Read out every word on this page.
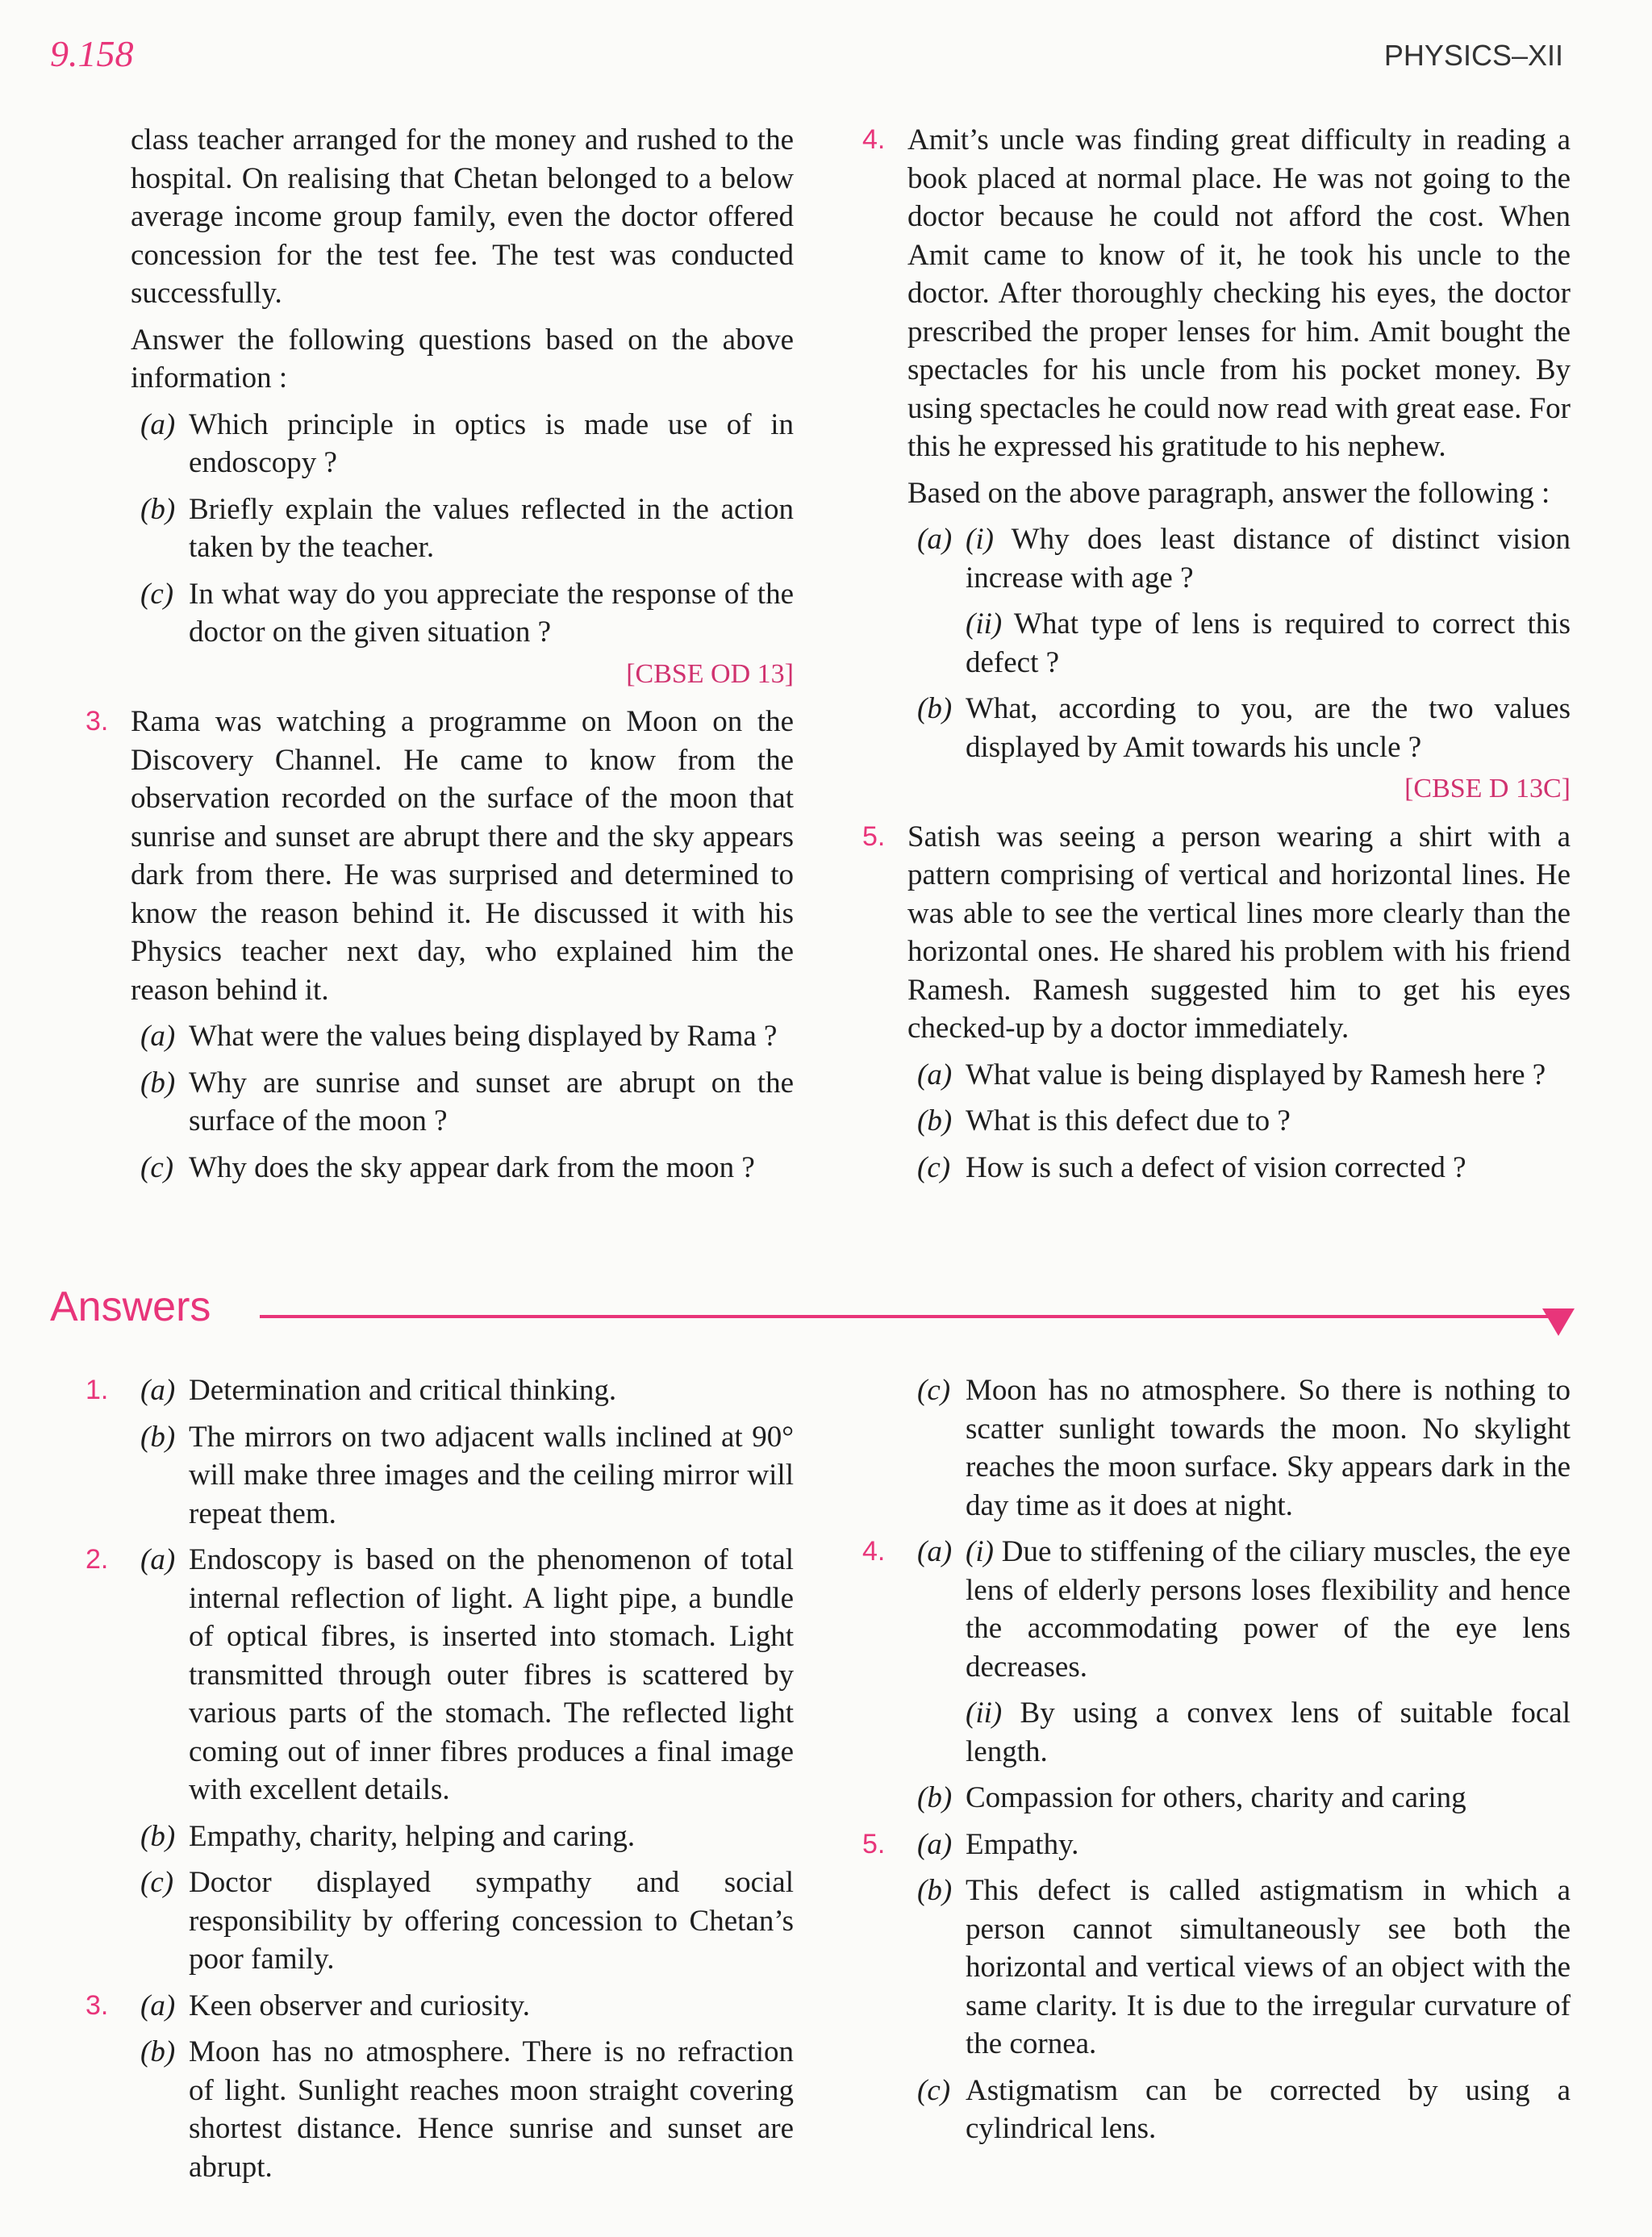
9.158	PHYSICS–XII

class teacher arranged for the money and rushed to the hospital. On realising that Chetan belonged to a below average income group family, even the doctor offered concession for the test fee. The test was conducted successfully.

Answer the following questions based on the above information :

(a) Which principle in optics is made use of in endoscopy ?
(b) Briefly explain the values reflected in the action taken by the teacher.
(c) In what way do you appreciate the response of the doctor on the given situation ?
[CBSE OD 13]
3. Rama was watching a programme on Moon on the Discovery Channel. He came to know from the observation recorded on the surface of the moon that sunrise and sunset are abrupt there and the sky appears dark from there. He was surprised and determined to know the reason behind it. He discussed it with his Physics teacher next day, who explained him the reason behind it.
(a) What were the values being displayed by Rama ?
(b) Why are sunrise and sunset are abrupt on the surface of the moon ?
(c) Why does the sky appear dark from the moon ?
4. Amit’s uncle was finding great difficulty in reading a book placed at normal place. He was not going to the doctor because he could not afford the cost. When Amit came to know of it, he took his uncle to the doctor. After thoroughly checking his eyes, the doctor prescribed the proper lenses for him. Amit bought the spectacles for his uncle from his pocket money. By using spectacles he could now read with great ease. For this he expressed his gratitude to his nephew.

Based on the above paragraph, answer the following :

(a) (i) Why does least distance of distinct vision increase with age ?
(ii) What type of lens is required to correct this defect ?
(b) What, according to you, are the two values displayed by Amit towards his uncle ?
[CBSE D 13C]
5. Satish was seeing a person wearing a shirt with a pattern comprising of vertical and horizontal lines. He was able to see the vertical lines more clearly than the horizontal ones. He shared his problem with his friend Ramesh. Ramesh suggested him to get his eyes checked-up by a doctor immediately.
(a) What value is being displayed by Ramesh here ?
(b) What is this defect due to ?
(c) How is such a defect of vision corrected ?
Answers
1. (a) Determination and critical thinking.
(b) The mirrors on two adjacent walls inclined at 90° will make three images and the ceiling mirror will repeat them.
2. (a) Endoscopy is based on the phenomenon of total internal reflection of light. A light pipe, a bundle of optical fibres, is inserted into stomach. Light transmitted through outer fibres is scattered by various parts of the stomach. The reflected light coming out of inner fibres produces a final image with excellent details.
(b) Empathy, charity, helping and caring.
(c) Doctor displayed sympathy and social responsibility by offering concession to Chetan’s poor family.
3. (a) Keen observer and curiosity.
(b) Moon has no atmosphere. There is no refraction of light. Sunlight reaches moon straight covering shortest distance. Hence sunrise and sunset are abrupt.
(c) Moon has no atmosphere. So there is nothing to scatter sunlight towards the moon. No skylight reaches the moon surface. Sky appears dark in the day time as it does at night.
4. (a) (i) Due to stiffening of the ciliary muscles, the eye lens of elderly persons loses flexibility and hence the accommodating power of the eye lens decreases.
(ii) By using a convex lens of suitable focal length.
(b) Compassion for others, charity and caring
5. (a) Empathy.
(b) This defect is called astigmatism in which a person cannot simultaneously see both the horizontal and vertical views of an object with the same clarity. It is due to the irregular curvature of the cornea.
(c) Astigmatism can be corrected by using a cylindrical lens.
